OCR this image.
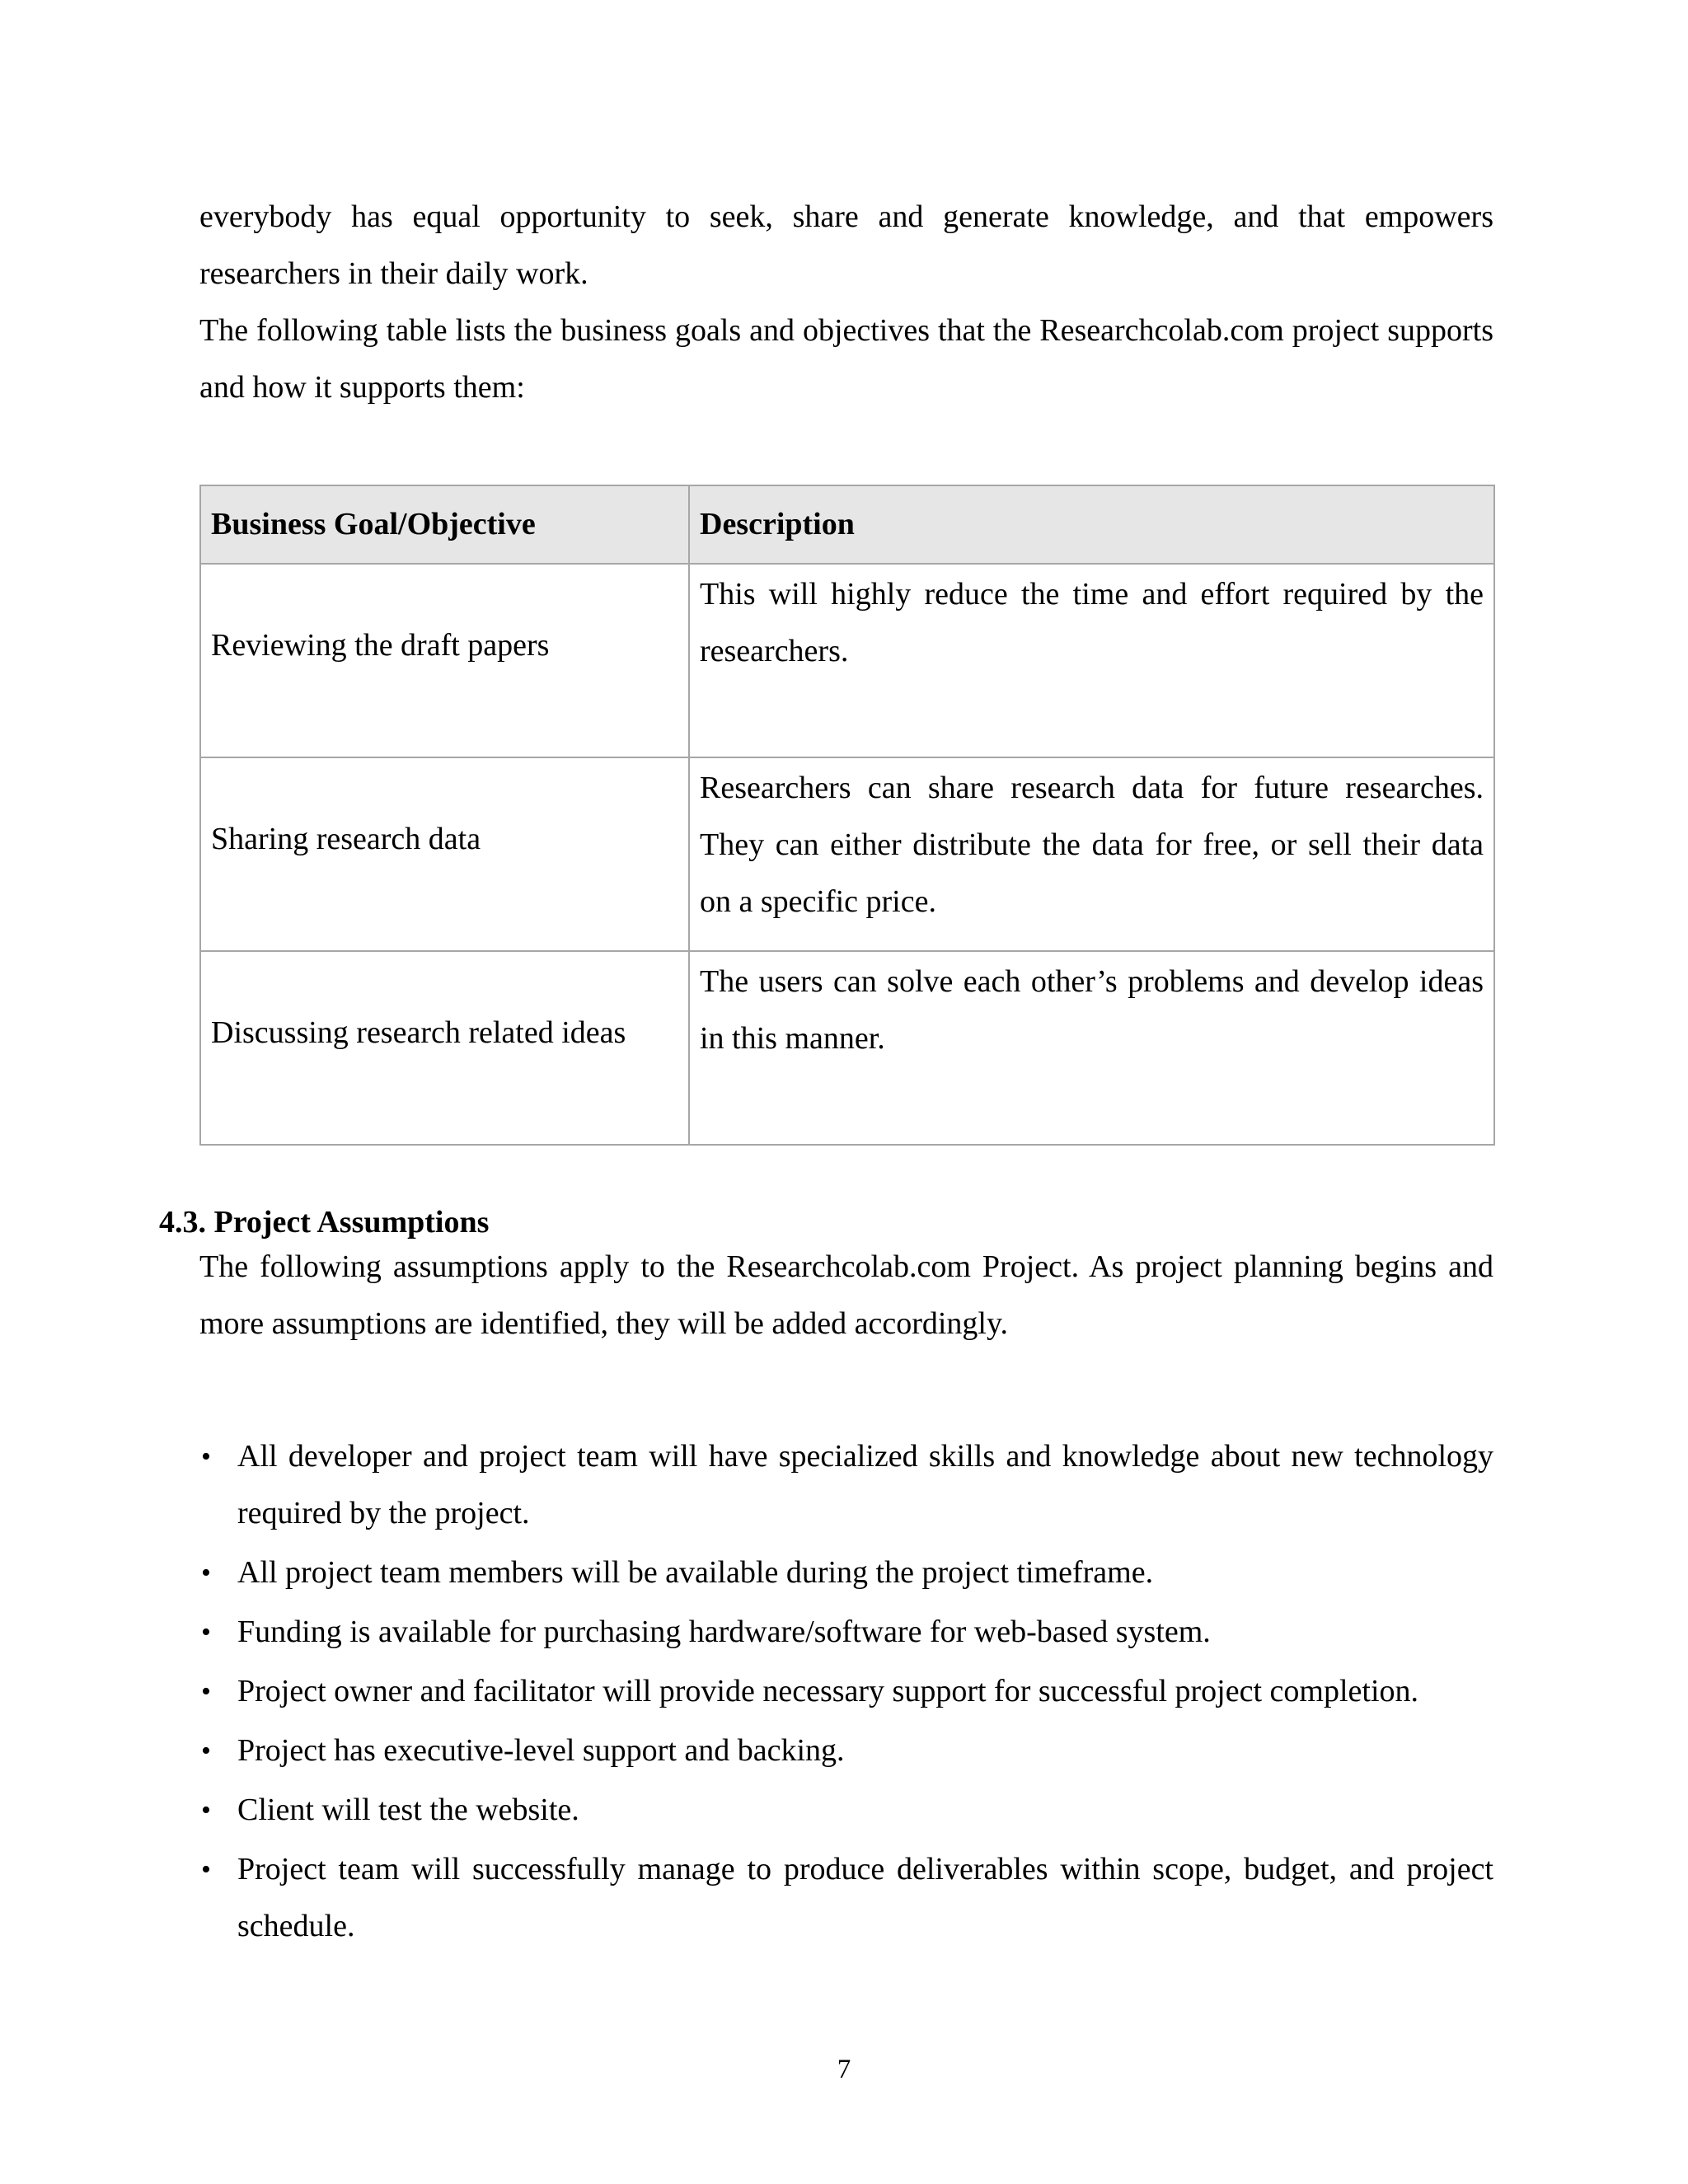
everybody has equal opportunity to seek, share and generate knowledge, and that empowers researchers in their daily work.

The following table lists the business goals and objectives that the Researchcolab.com project supports and how it supports them:

Business Goal/Objective	Description
Reviewing the draft papers	This will highly reduce the time and effort required by the researchers.
Sharing research data	Researchers can share research data for future researches. They can either distribute the data for free, or sell their data on a specific price.
Discussing research related ideas	The users can solve each other’s problems and develop ideas in this manner.
4.3. Project Assumptions

The following assumptions apply to the Researchcolab.com Project. As project planning begins and more assumptions are identified, they will be added accordingly.

• All developer and project team will have specialized skills and knowledge about new technology required by the project.
• All project team members will be available during the project timeframe.
• Funding is available for purchasing hardware/software for web-based system.
• Project owner and facilitator will provide necessary support for successful project completion.
• Project has executive-level support and backing.
• Client will test the website.
• Project team will successfully manage to produce deliverables within scope, budget, and project schedule.

7
